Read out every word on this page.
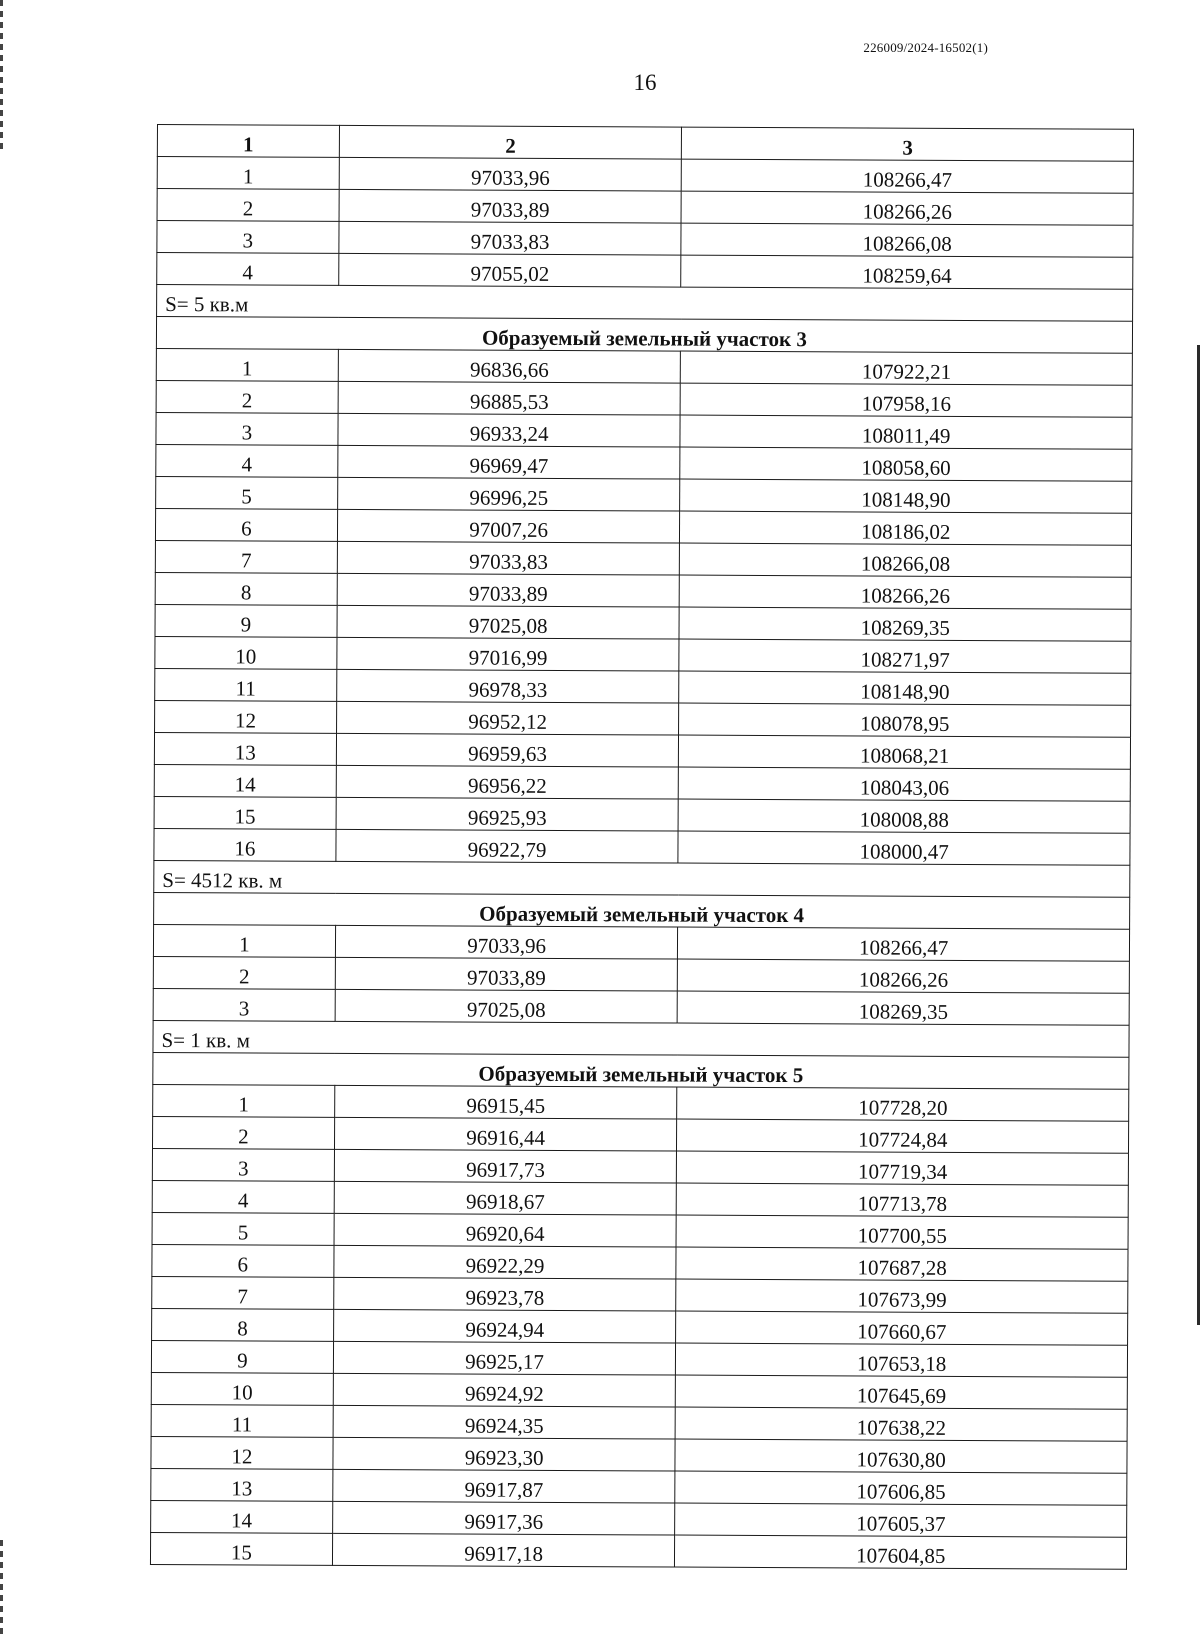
226009/2024-16502(1)
16
1	2	3
1	97033,96	108266,47
2	97033,89	108266,26
3	97033,83	108266,08
4	97055,02	108259,64
S= 5 кв.м		
Образуемый земельный участок 3		
1	96836,66	107922,21
2	96885,53	107958,16
3	96933,24	108011,49
4	96969,47	108058,60
5	96996,25	108148,90
6	97007,26	108186,02
7	97033,83	108266,08
8	97033,89	108266,26
9	97025,08	108269,35
10	97016,99	108271,97
11	96978,33	108148,90
12	96952,12	108078,95
13	96959,63	108068,21
14	96956,22	108043,06
15	96925,93	108008,88
16	96922,79	108000,47
S= 4512 кв. м		
Образуемый земельный участок 4		
1	97033,96	108266,47
2	97033,89	108266,26
3	97025,08	108269,35
S= 1 кв. м		
Образуемый земельный участок 5		
1	96915,45	107728,20
2	96916,44	107724,84
3	96917,73	107719,34
4	96918,67	107713,78
5	96920,64	107700,55
6	96922,29	107687,28
7	96923,78	107673,99
8	96924,94	107660,67
9	96925,17	107653,18
10	96924,92	107645,69
11	96924,35	107638,22
12	96923,30	107630,80
13	96917,87	107606,85
14	96917,36	107605,37
15	96917,18	107604,85
